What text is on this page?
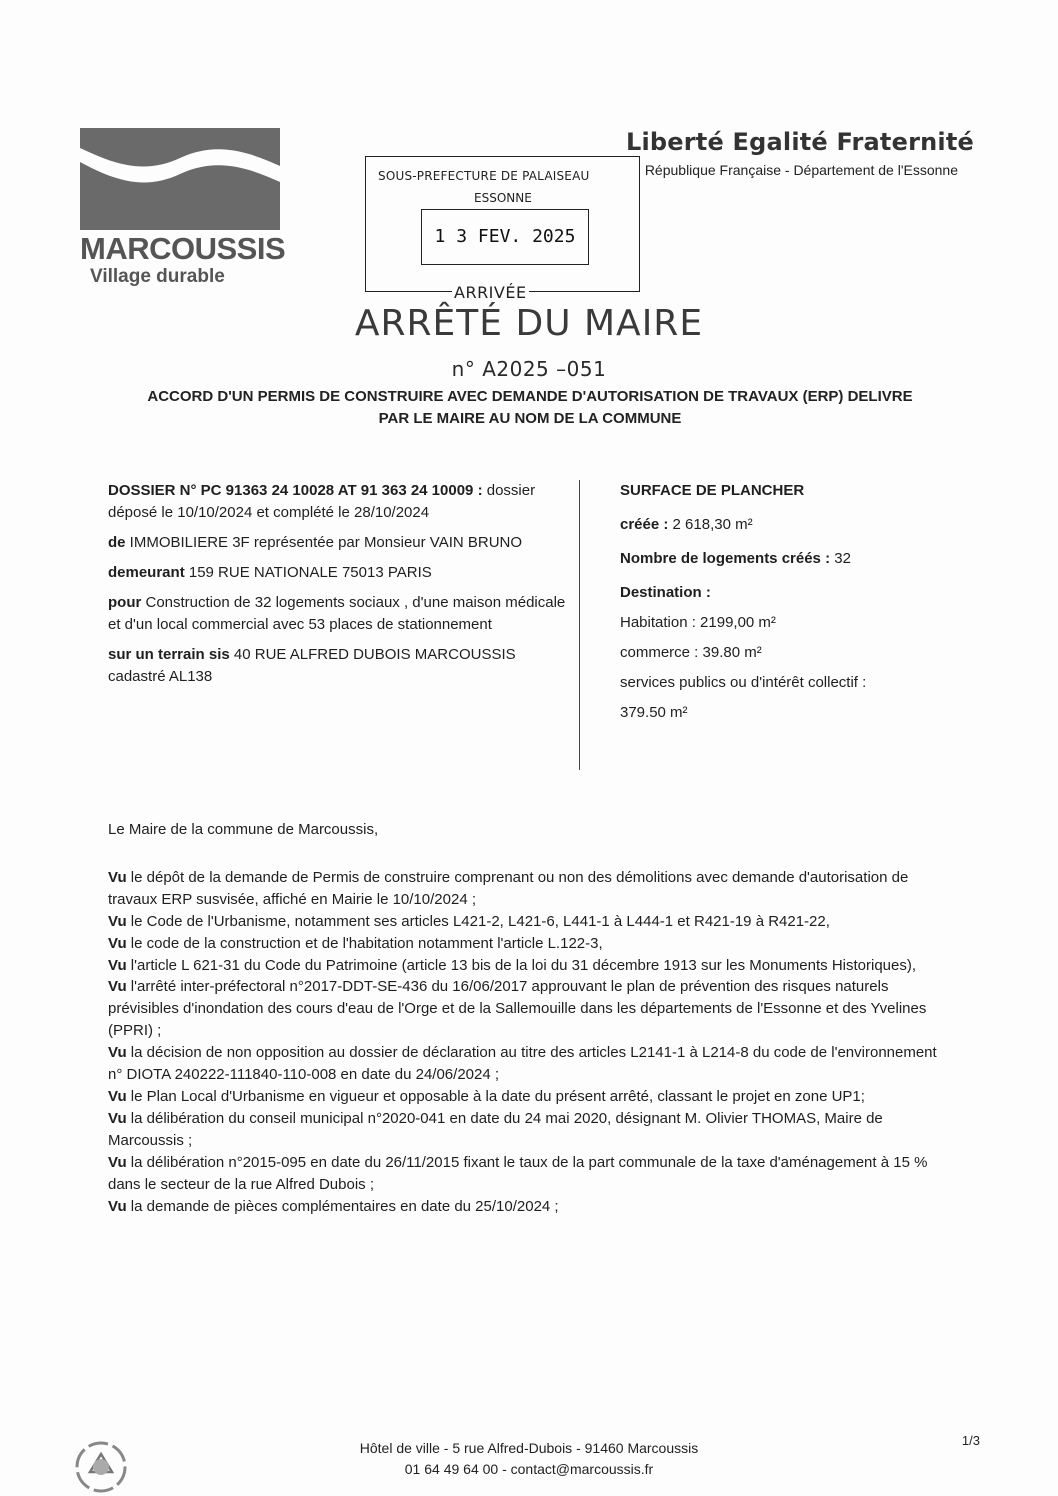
MARCOUSSIS
Village durable
Liberté Egalité Fraternité
République Française - Département de l'Essonne
SOUS-PREFECTURE DE PALAISEAU
ESSONNE
1 3 FEV. 2025
ARRIVÉE
ARRÊTÉ DU MAIRE
n° A2025 –051
ACCORD D'UN PERMIS DE CONSTRUIRE AVEC DEMANDE D'AUTORISATION DE TRAVAUX (ERP) DELIVRE
PAR LE MAIRE AU NOM DE LA COMMUNE

DOSSIER N° PC 91363 24 10028 AT 91 363 24 10009 : dossier déposé le 10/10/2024 et complété le 28/10/2024

de IMMOBILIERE 3F représentée par Monsieur VAIN BRUNO

demeurant 159 RUE NATIONALE 75013 PARIS

pour Construction de 32 logements sociaux , d'une maison médicale et d'un local commercial avec 53 places de stationnement

sur un terrain sis 40 RUE ALFRED DUBOIS MARCOUSSIS cadastré AL138

SURFACE DE PLANCHER

créée : 2 618,30 m²

Nombre de logements créés : 32

Destination :

Habitation : 2199,00 m²

commerce : 39.80 m²

services publics ou d'intérêt collectif :

379.50 m²

Le Maire de la commune de Marcoussis,

Vu le dépôt de la demande de Permis de construire comprenant ou non des démolitions avec demande d'autorisation de travaux ERP susvisée, affiché en Mairie le 10/10/2024 ;

Vu le Code de l'Urbanisme, notamment ses articles L421-2, L421-6, L441-1 à L444-1 et R421-19 à R421-22,

Vu le code de la construction et de l'habitation notamment l'article L.122-3,

Vu l'article L 621-31 du Code du Patrimoine (article 13 bis de la loi du 31 décembre 1913 sur les Monuments Historiques),

Vu l'arrêté inter-préfectoral n°2017-DDT-SE-436 du 16/06/2017 approuvant le plan de prévention des risques naturels prévisibles d'inondation des cours d'eau de l'Orge et de la Sallemouille dans les départements de l'Essonne et des Yvelines (PPRI) ;

Vu la décision de non opposition au dossier de déclaration au titre des articles L2141-1 à L214-8 du code de l'environnement n° DIOTA 240222-111840-110-008 en date du 24/06/2024 ;

Vu le Plan Local d'Urbanisme en vigueur et opposable à la date du présent arrêté, classant le projet en zone UP1;

Vu la délibération du conseil municipal n°2020-041 en date du 24 mai 2020, désignant M. Olivier THOMAS, Maire de Marcoussis ;

Vu la délibération n°2015-095 en date du 26/11/2015 fixant le taux de la part communale de la taxe d'aménagement à 15 % dans le secteur de la rue Alfred Dubois ;

Vu la demande de pièces complémentaires en date du 25/10/2024 ;

1/3
Hôtel de ville - 5 rue Alfred-Dubois - 91460 Marcoussis
01 64 49 64 00 - contact@marcoussis.fr
